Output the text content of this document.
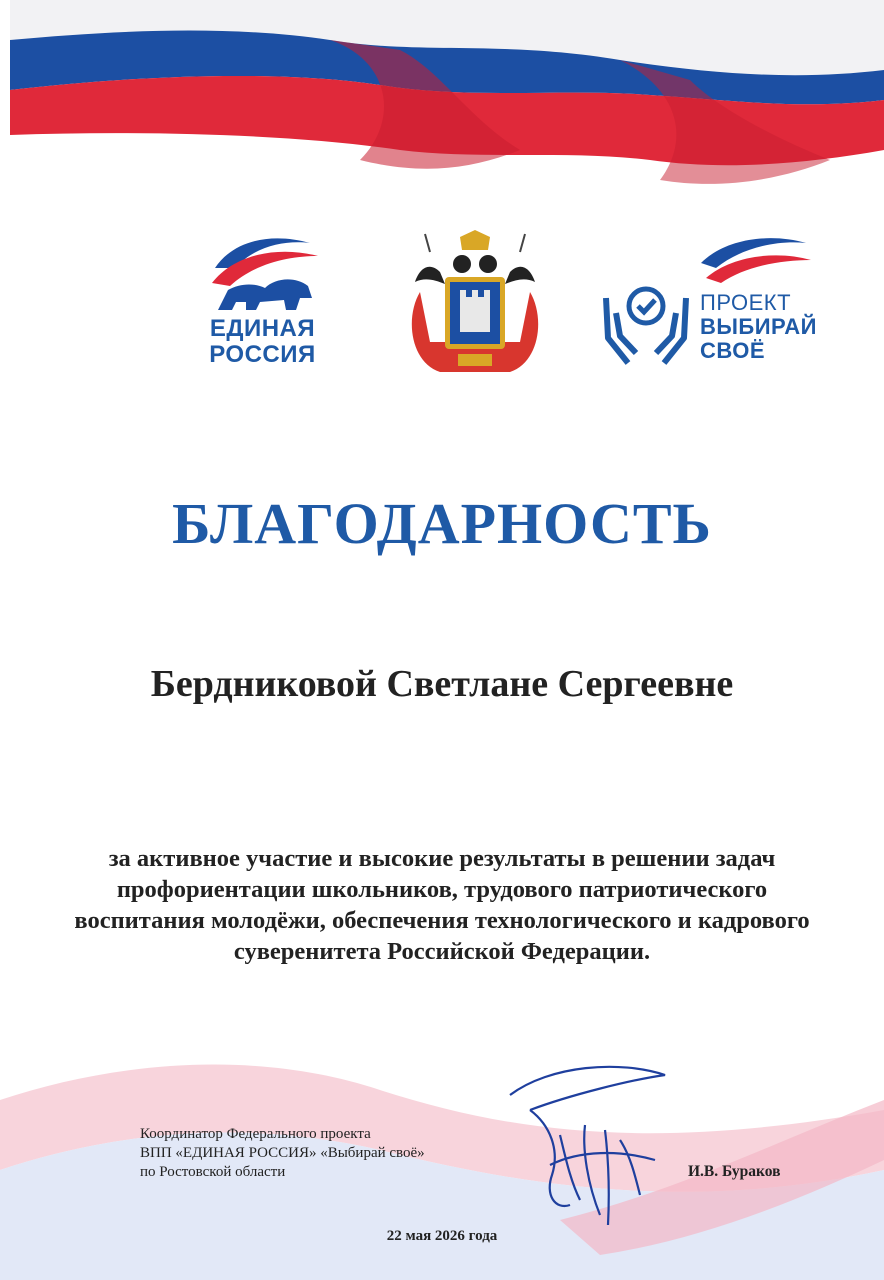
ЕДИНАЯ
РОССИЯ
ПРОЕКТ
ВЫБИРАЙ
СВОЁ
БЛАГОДАРНОСТЬ
Бердниковой Светлане Сергеевне
за активное участие и высокие результаты в решении задач профориентации школьников, трудового патриотического воспитания молодёжи, обеспечения технологического и кадрового суверенитета Российской Федерации.
Координатор Федерального проекта
ВПП «ЕДИНАЯ РОССИЯ» «Выбирай своё»
по Ростовской области	И.В. Бураков
22 мая 2026 года
